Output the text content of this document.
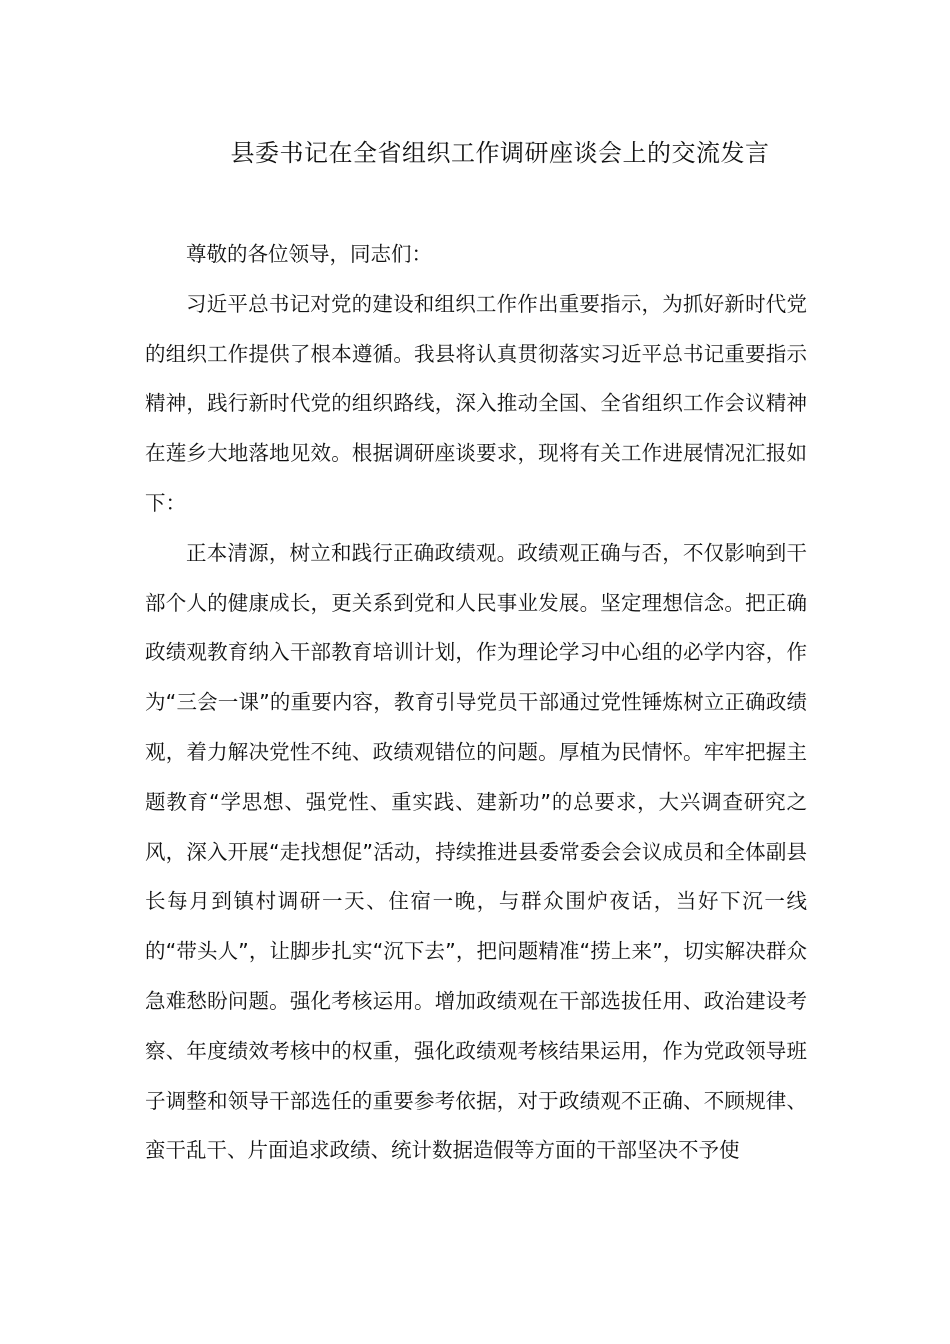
县委书记在全省组织工作调研座谈会上的交流发言

尊敬的各位领导，同志们：

习近平总书记对党的建设和组织工作作出重要指示，为抓好新时代党的组织工作提供了根本遵循。我县将认真贯彻落实习近平总书记重要指示精神，践行新时代党的组织路线，深入推动全国、全省组织工作会议精神在莲乡大地落地见效。根据调研座谈要求，现将有关工作进展情况汇报如下：

正本清源，树立和践行正确政绩观。政绩观正确与否，不仅影响到干部个人的健康成长，更关系到党和人民事业发展。坚定理想信念。把正确政绩观教育纳入干部教育培训计划，作为理论学习中心组的必学内容，作为“三会一课”的重要内容，教育引导党员干部通过党性锤炼树立正确政绩观，着力解决党性不纯、政绩观错位的问题。厚植为民情怀。牢牢把握主题教育“学思想、强党性、重实践、建新功”的总要求，大兴调查研究之风，深入开展“走找想促”活动，持续推进县委常委会会议成员和全体副县长每月到镇村调研一天、住宿一晚，与群众围炉夜话，当好下沉一线的“带头人”，让脚步扎实“沉下去”，把问题精准“捞上来”，切实解决群众急难愁盼问题。强化考核运用。增加政绩观在干部选拔任用、政治建设考察、年度绩效考核中的权重，强化政绩观考核结果运用，作为党政领导班子调整和领导干部选任的重要参考依据，对于政绩观不正确、不顾规律、蛮干乱干、片面追求政绩、统计数据造假等方面的干部坚决不予使
